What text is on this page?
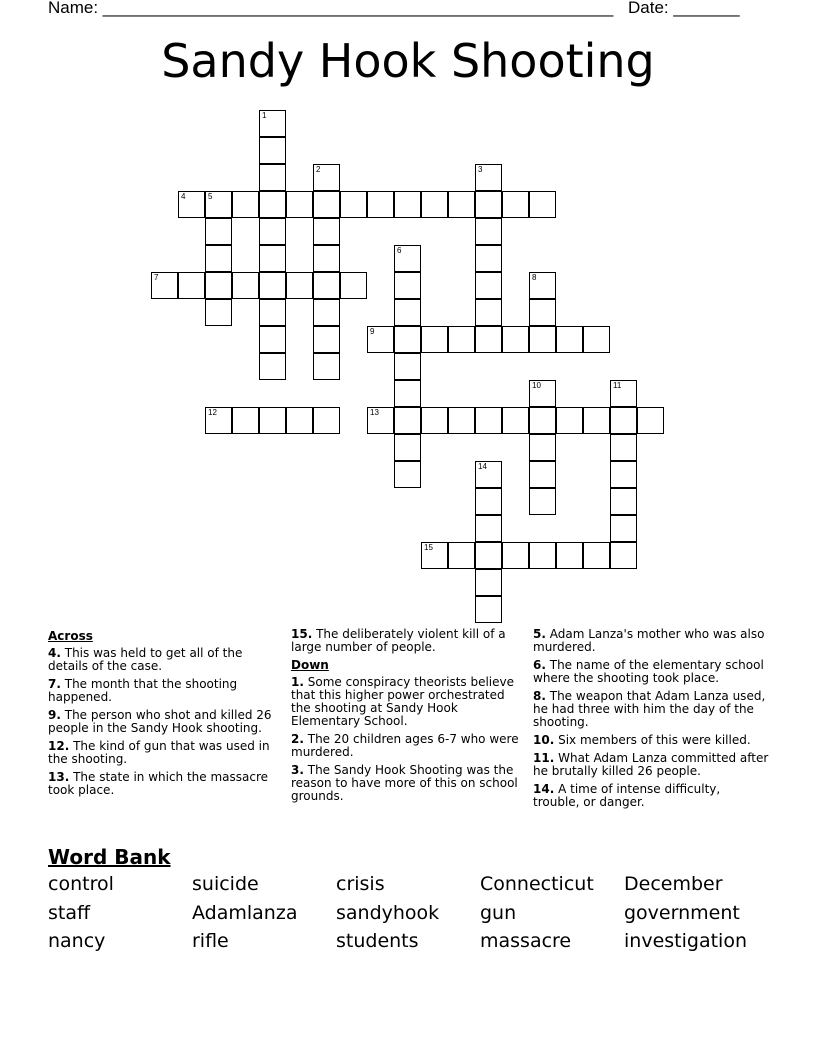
Name: ______________________________________________________ Date: _______
Sandy Hook Shooting
4	5
7
9
12	13
15
1
2	3
6
8
10	11
14
Across
4. This was held to get all of the details of the case.
7. The month that the shooting happened.
9. The person who shot and killed 26 people in the Sandy Hook shooting.
12. The kind of gun that was used in the shooting.
13. The state in which the massacre took place.
15. The deliberately violent kill of a large number of people.
Down
1. Some conspiracy theorists believe that this higher power orchestrated the shooting at Sandy Hook Elementary School.
2. The 20 children ages 6-7 who were murdered.
3. The Sandy Hook Shooting was the reason to have more of this on school grounds.
5. Adam Lanza's mother who was also murdered.
6. The name of the elementary school where the shooting took place.
8. The weapon that Adam Lanza used, he had three with him the day of the shooting.
10. Six members of this were killed.
11. What Adam Lanza committed after he brutally killed 26 people.
14. A time of intense difficulty, trouble, or danger.
Word Bank
control	suicide	crisis	Connecticut	December
staff	Adamlanza	sandyhook	gun	government
nancy	rifle	students	massacre	investigation
